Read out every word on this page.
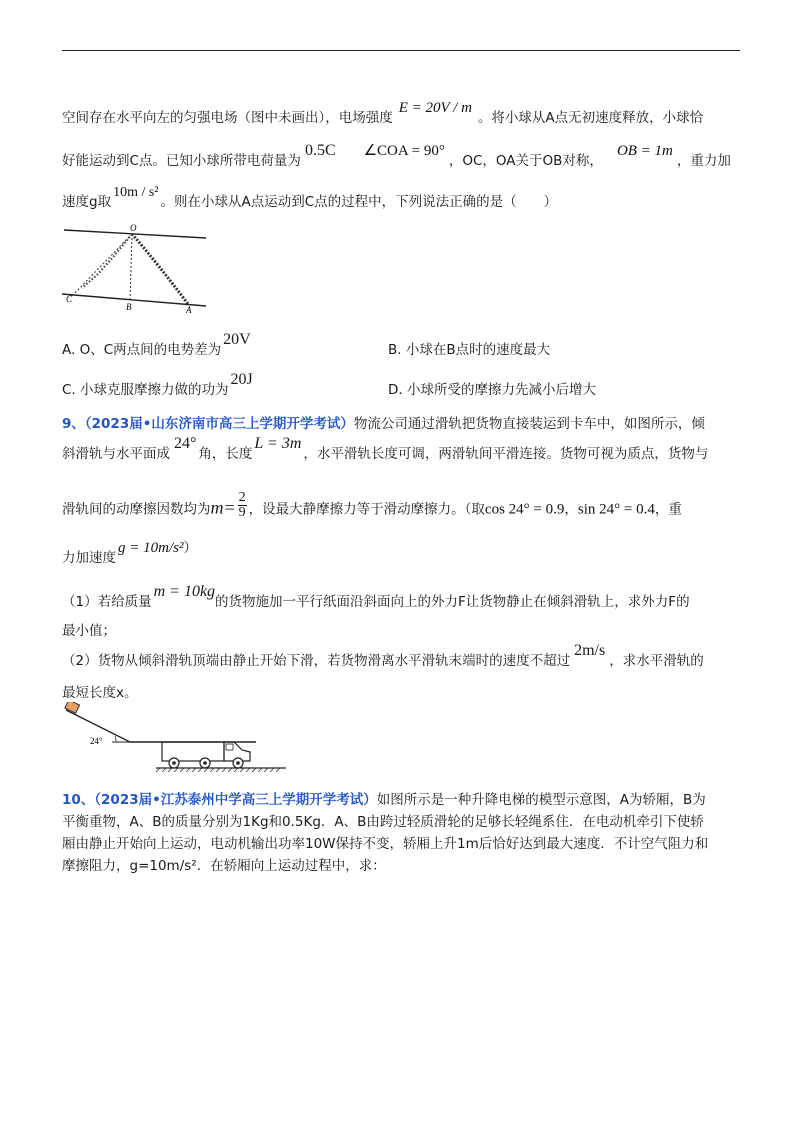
空间存在水平向左的匀强电场（图中未画出），电场强度E = 20V / m。将小球从A点无初速度释放，小球恰
好能运动到C点。已知小球所带电荷量为0.5C ∠COA = 90°，OC，OA关于OB对称，OB = 1m，重力加
速度g取10m / s²。则在小球从A点运动到C点的过程中，下列说法正确的是（　　）
O
C
B	A
A. O、C两点间的电势差为20V
B. 小球在B点时的速度最大
C. 小球克服摩擦力做的功为20J
D. 小球所受的摩擦力先减小后增大
9、（2023届•山东济南市高三上学期开学考试）物流公司通过滑轨把货物直接装运到卡车中，如图所示，倾
斜滑轨与水平面成24°角，长度L = 3m，水平滑轨长度可调，两滑轨间平滑连接。货物可视为质点，货物与
滑轨间的动摩擦因数均为$m= \frac{2}{9}$ ，设最大静摩擦力等于滑动摩擦力。（取cos 24° = 0.9，sin 24° = 0.4，重
力加速度g = 10m/s²）
（1）若给质量m = 10kg的货物施加一平行纸面沿斜面向上的外力F让货物静止在倾斜滑轨上，求外力F的
最小值；
（2）货物从倾斜滑轨顶端由静止开始下滑，若货物滑离水平滑轨末端时的速度不超过2m/s，求水平滑轨的
最短长度x。
24°
10、（2023届•江苏泰州中学高三上学期开学考试）如图所示是一种升降电梯的模型示意图，A为轿厢，B为
平衡重物，A、B的质量分别为1Kg和0.5Kg．A、B由跨过轻质滑轮的足够长轻绳系住．在电动机牵引下使轿
厢由静止开始向上运动，电动机输出功率10W保持不变，轿厢上升1m后恰好达到最大速度．不计空气阻力和
摩擦阻力，g=10m/s²．在轿厢向上运动过程中，求：
